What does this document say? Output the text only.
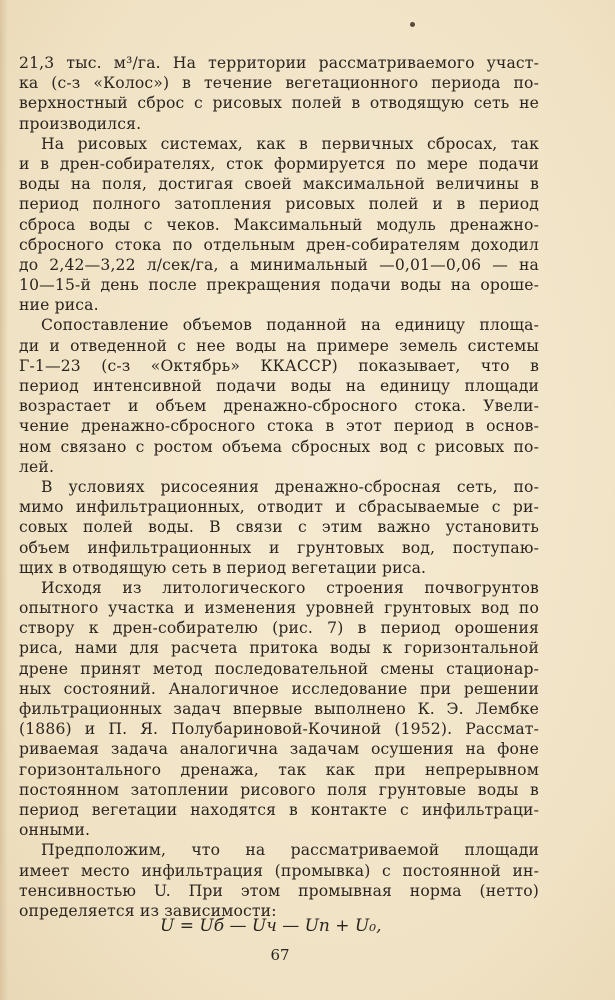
21,3 тыс. м³/га. На территории рассматриваемого участ-
ка (с-з «Колос») в течение вегетационного периода по-
верхностный сброс с рисовых полей в отводящую сеть не
производился.
На рисовых системах, как в первичных сбросах, так
и в дрен-собирателях, сток формируется по мере подачи
воды на поля, достигая своей максимальной величины в
период полного затопления рисовых полей и в период
сброса воды с чеков. Максимальный модуль дренажно-
сбросного стока по отдельным дрен-собирателям доходил
до 2,42—3,22 л/сек/га, а минимальный —0,01—0,06 — на
10—15-й день после прекращения подачи воды на ороше-
ние риса.
Сопоставление объемов поданной на единицу площа-
ди и отведенной с нее воды на примере земель системы
Г-1—23 (с-з «Октябрь» ККАССР) показывает, что в
период интенсивной подачи воды на единицу площади
возрастает и объем дренажно-сбросного стока. Увели-
чение дренажно-сбросного стока в этот период в основ-
ном связано с ростом объема сбросных вод с рисовых по-
лей.
В условиях рисосеяния дренажно-сбросная сеть, по-
мимо инфильтрационных, отводит и сбрасываемые с ри-
совых полей воды. В связи с этим важно установить
объем инфильтрационных и грунтовых вод, поступаю-
щих в отводящую сеть в период вегетации риса.
Исходя из литологического строения почвогрунтов
опытного участка и изменения уровней грунтовых вод по
створу к дрен-собирателю (рис. 7) в период орошения
риса, нами для расчета притока воды к горизонтальной
дрене принят метод последовательной смены стационар-
ных состояний. Аналогичное исследование при решении
фильтрационных задач впервые выполнено К. Э. Лембке
(1886) и П. Я. Полубариновой-Кочиной (1952). Рассмат-
риваемая задача аналогична задачам осушения на фоне
горизонтального дренажа, так как при непрерывном
постоянном затоплении рисового поля грунтовые воды в
период вегетации находятся в контакте с инфильтраци-
онными.
Предположим, что на рассматриваемой площади
имеет место инфильтрация (промывка) с постоянной ин-
тенсивностью U. При этом промывная норма (нетто)
определяется из зависимости:
U = Uб — Uч — Uп + U₀,
67
